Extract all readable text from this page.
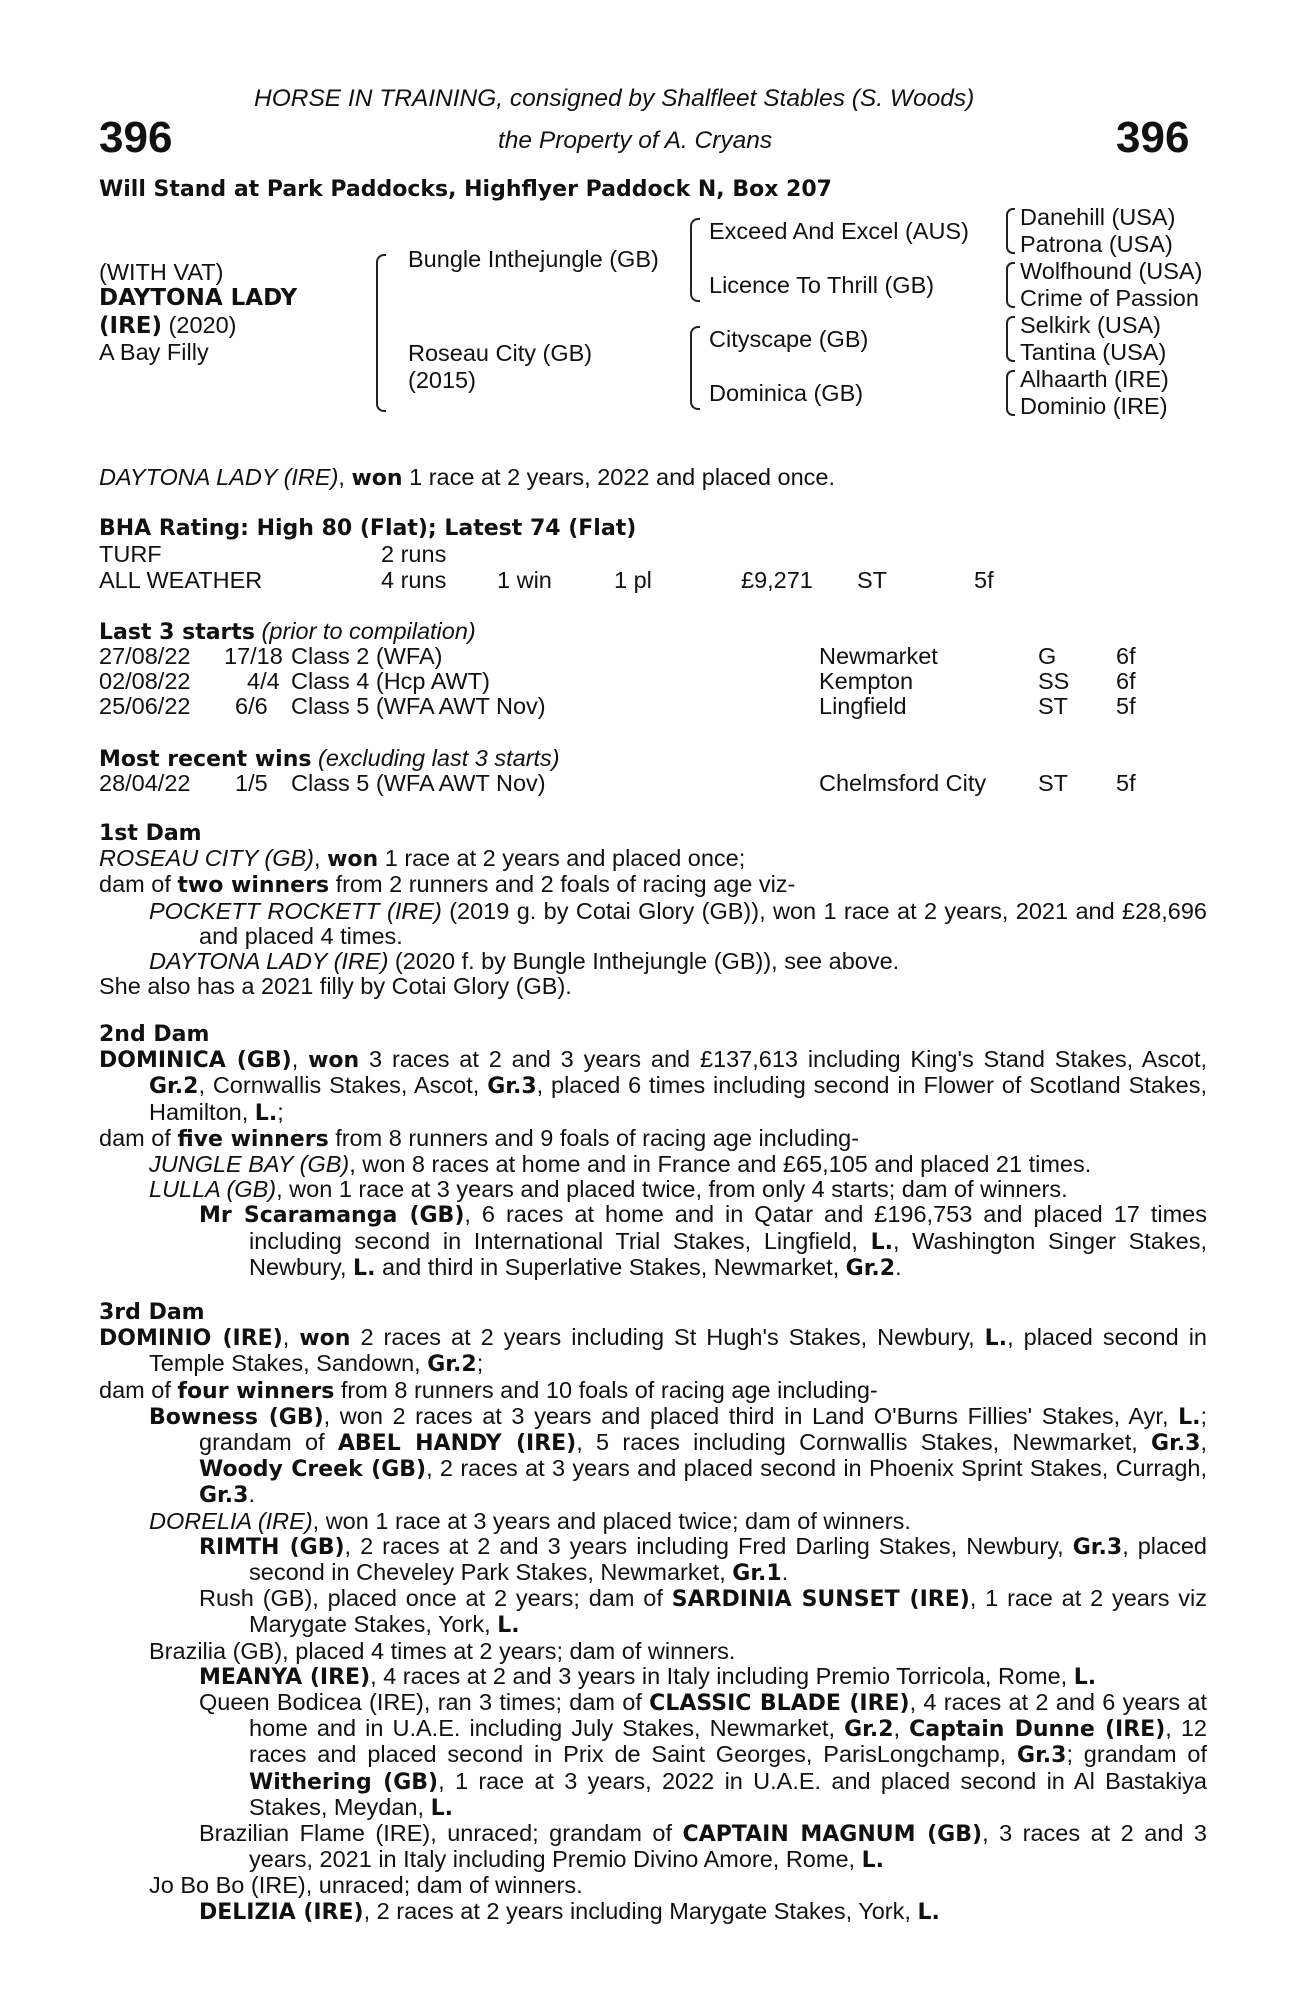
HORSE IN TRAINING, consigned by Shalfleet Stables (S. Woods)
396	the Property of A. Cryans	396
Will Stand at Park Paddocks, Highflyer Paddock N, Box 207
(WITH VAT)
DAYTONA LADY
(IRE) (2020)
A Bay Filly
Bungle Inthejungle (GB)
Roseau City (GB)
(2015)
Exceed And Excel (AUS)
Licence To Thrill (GB)
Cityscape (GB)
Dominica (GB)
Danehill (USA)
Patrona (USA)
Wolfhound (USA)
Crime of Passion
Selkirk (USA)
Tantina (USA)
Alhaarth (IRE)
Dominio (IRE)
DAYTONA LADY (IRE), won 1 race at 2 years, 2022 and placed once.
BHA Rating: High 80 (Flat); Latest 74 (Flat)
TURF	2 runs
ALL WEATHER	4 runs 1 win	1 pl	£9,271 ST	5f
Last 3 starts (prior to compilation)
27/08/22 17/18 Class 2 (WFA)	Newmarket	G	6f
02/08/22 4/4 Class 4 (Hcp AWT)	Kempton	SS 6f
25/06/22 6/6 Class 5 (WFA AWT Nov)	Lingfield	ST 5f
Most recent wins (excluding last 3 starts)
28/04/22 1/5 Class 5 (WFA AWT Nov)	Chelmsford City ST 5f

1st Dam

ROSEAU CITY (GB), won 1 race at 2 years and placed once;

dam of two winners from 2 runners and 2 foals of racing age viz-

POCKETT ROCKETT (IRE) (2019 g. by Cotai Glory (GB)), won 1 race at 2 years, 2021 and £28,696 and placed 4 times.

DAYTONA LADY (IRE) (2020 f. by Bungle Inthejungle (GB)), see above.

She also has a 2021 filly by Cotai Glory (GB).

2nd Dam

DOMINICA (GB), won 3 races at 2 and 3 years and £137,613 including King's Stand Stakes, Ascot, Gr.2, Cornwallis Stakes, Ascot, Gr.3, placed 6 times including second in Flower of Scotland Stakes, Hamilton, L.;

dam of five winners from 8 runners and 9 foals of racing age including-

JUNGLE BAY (GB), won 8 races at home and in France and £65,105 and placed 21 times.

LULLA (GB), won 1 race at 3 years and placed twice, from only 4 starts; dam of winners.

Mr Scaramanga (GB), 6 races at home and in Qatar and £196,753 and placed 17 times including second in International Trial Stakes, Lingfield, L., Washington Singer Stakes, Newbury, L. and third in Superlative Stakes, Newmarket, Gr.2.

3rd Dam

DOMINIO (IRE), won 2 races at 2 years including St Hugh's Stakes, Newbury, L., placed second in Temple Stakes, Sandown, Gr.2;

dam of four winners from 8 runners and 10 foals of racing age including-

Bowness (GB), won 2 races at 3 years and placed third in Land O'Burns Fillies' Stakes, Ayr, L.; grandam of ABEL HANDY (IRE), 5 races including Cornwallis Stakes, Newmarket, Gr.3, Woody Creek (GB), 2 races at 3 years and placed second in Phoenix Sprint Stakes, Curragh, Gr.3.

DORELIA (IRE), won 1 race at 3 years and placed twice; dam of winners.

RIMTH (GB), 2 races at 2 and 3 years including Fred Darling Stakes, Newbury, Gr.3, placed second in Cheveley Park Stakes, Newmarket, Gr.1.

Rush (GB), placed once at 2 years; dam of SARDINIA SUNSET (IRE), 1 race at 2 years viz Marygate Stakes, York, L.

Brazilia (GB), placed 4 times at 2 years; dam of winners.

MEANYA (IRE), 4 races at 2 and 3 years in Italy including Premio Torricola, Rome, L.

Queen Bodicea (IRE), ran 3 times; dam of CLASSIC BLADE (IRE), 4 races at 2 and 6 years at home and in U.A.E. including July Stakes, Newmarket, Gr.2, Captain Dunne (IRE), 12 races and placed second in Prix de Saint Georges, ParisLongchamp, Gr.3; grandam of Withering (GB), 1 race at 3 years, 2022 in U.A.E. and placed second in Al Bastakiya Stakes, Meydan, L.

Brazilian Flame (IRE), unraced; grandam of CAPTAIN MAGNUM (GB), 3 races at 2 and 3 years, 2021 in Italy including Premio Divino Amore, Rome, L.

Jo Bo Bo (IRE), unraced; dam of winners.

DELIZIA (IRE), 2 races at 2 years including Marygate Stakes, York, L.
